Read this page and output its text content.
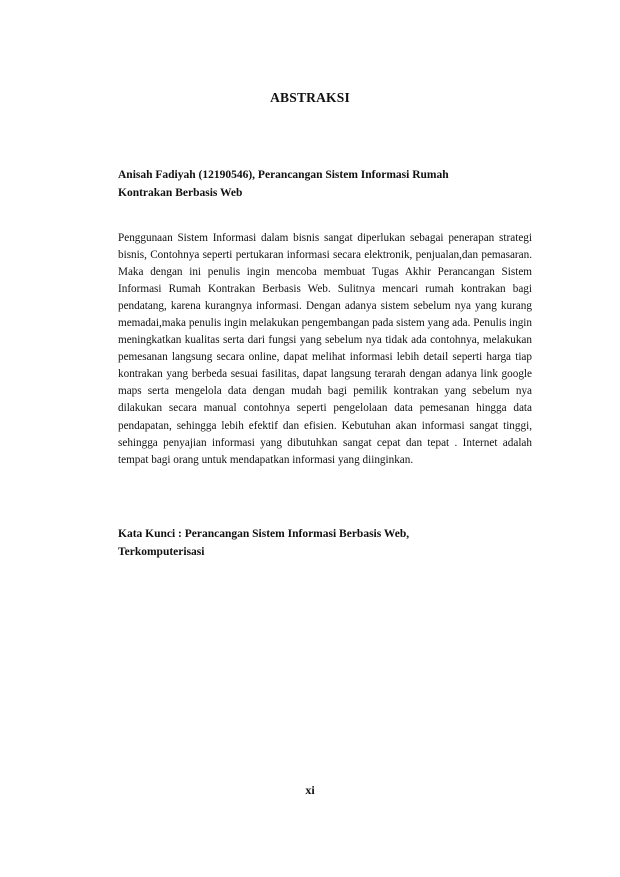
ABSTRAKSI
Anisah Fadiyah (12190546), Perancangan Sistem Informasi Rumah
Kontrakan Berbasis Web

Penggunaan Sistem Informasi dalam bisnis sangat diperlukan sebagai penerapan strategi bisnis, Contohnya seperti pertukaran informasi secara elektronik, penjualan,dan pemasaran. Maka dengan ini penulis ingin mencoba membuat Tugas Akhir Perancangan Sistem Informasi Rumah Kontrakan Berbasis Web. Sulitnya mencari rumah kontrakan bagi pendatang, karena kurangnya informasi. Dengan adanya sistem sebelum nya yang kurang memadai,maka penulis ingin melakukan pengembangan pada sistem yang ada. Penulis ingin meningkatkan kualitas serta dari fungsi yang sebelum nya tidak ada contohnya, melakukan pemesanan langsung secara online, dapat melihat informasi lebih detail seperti harga tiap kontrakan yang berbeda sesuai fasilitas, dapat langsung terarah dengan adanya link google maps serta mengelola data dengan mudah bagi pemilik kontrakan yang sebelum nya dilakukan secara manual contohnya seperti pengelolaan data pemesanan hingga data pendapatan, sehingga lebih efektif dan efisien. Kebutuhan akan informasi sangat tinggi, sehingga penyajian informasi yang dibutuhkan sangat cepat dan tepat . Internet adalah tempat bagi orang untuk mendapatkan informasi yang diinginkan.

Kata Kunci : Perancangan Sistem Informasi Berbasis Web,
Terkomputerisasi
xi
